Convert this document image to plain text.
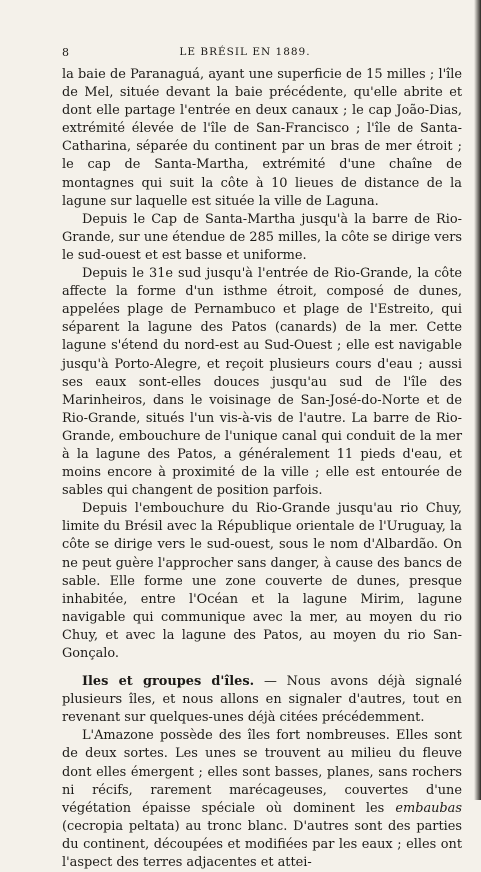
8	LE BRÉSIL EN 1889.

la baie de Paranaguá, ayant une superficie de 15 milles ; l'île de Mel, située devant la baie précédente, qu'elle abrite et dont elle partage l'entrée en deux canaux ; le cap João-Dias, extrémité élevée de l'île de San-Francisco ; l'île de Santa-Catharina, séparée du continent par un bras de mer étroit ; le cap de Santa-Martha, extrémité d'une chaîne de montagnes qui suit la côte à 10 lieues de distance de la lagune sur laquelle est située la ville de Laguna.

Depuis le Cap de Santa-Martha jusqu'à la barre de Rio-Grande, sur une étendue de 285 milles, la côte se dirige vers le sud-ouest et est basse et uniforme.

Depuis le 31e sud jusqu'à l'entrée de Rio-Grande, la côte affecte la forme d'un isthme étroit, composé de dunes, appelées plage de Pernambuco et plage de l'Estreito, qui séparent la lagune des Patos (canards) de la mer. Cette lagune s'étend du nord-est au Sud-Ouest ; elle est navigable jusqu'à Porto-Alegre, et reçoit plusieurs cours d'eau ; aussi ses eaux sont-elles douces jusqu'au sud de l'île des Marinheiros, dans le voisinage de San-José-do-Norte et de Rio-Grande, situés l'un vis-à-vis de l'autre. La barre de Rio-Grande, embouchure de l'unique canal qui conduit de la mer à la lagune des Patos, a généralement 11 pieds d'eau, et moins encore à proximité de la ville ; elle est entourée de sables qui changent de position parfois.

Depuis l'embouchure du Rio-Grande jusqu'au rio Chuy, limite du Brésil avec la République orientale de l'Uruguay, la côte se dirige vers le sud-ouest, sous le nom d'Albardão. On ne peut guère l'approcher sans danger, à cause des bancs de sable. Elle forme une zone couverte de dunes, presque inhabitée, entre l'Océan et la lagune Mirim, lagune navigable qui communique avec la mer, au moyen du rio Chuy, et avec la lagune des Patos, au moyen du rio San-Gonçalo.

Iles et groupes d'îles. — Nous avons déjà signalé plusieurs îles, et nous allons en signaler d'autres, tout en revenant sur quelques-unes déjà citées précédemment.

L'Amazone possède des îles fort nombreuses. Elles sont de deux sortes. Les unes se trouvent au milieu du fleuve dont elles émergent ; elles sont basses, planes, sans rochers ni récifs, rarement marécageuses, couvertes d'une végétation épaisse spéciale où dominent les embaubas (cecropia peltata) au tronc blanc. D'autres sont des parties du continent, découpées et modifiées par les eaux ; elles ont l'aspect des terres adjacentes et attei-
